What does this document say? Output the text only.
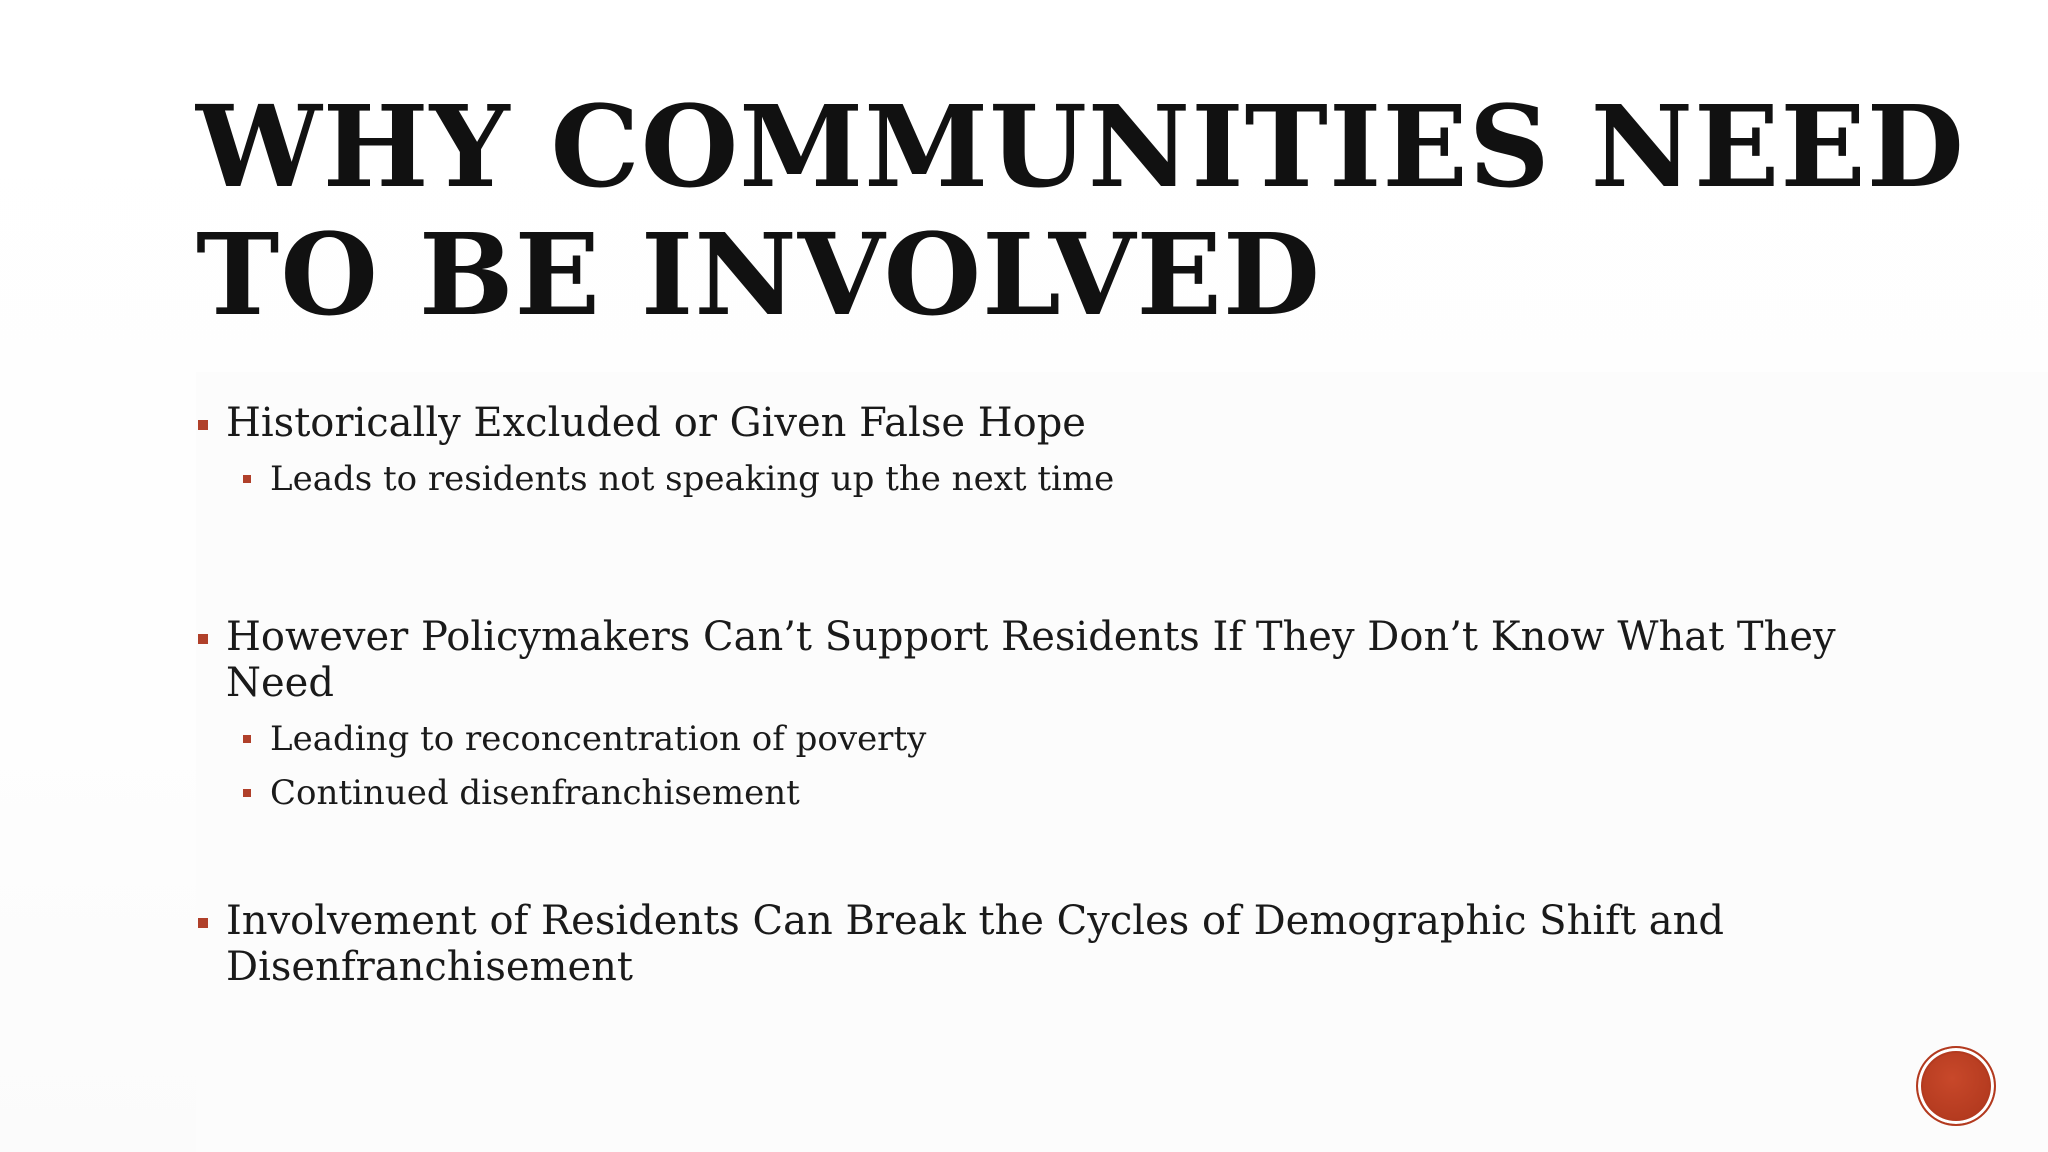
WHY COMMUNITIES NEED
TO BE INVOLVED
Historically Excluded or Given False Hope
Leads to residents not speaking up the next time
However Policymakers Can’t Support Residents If They Don’t Know What They Need
Leading to reconcentration of poverty
Continued disenfranchisement
Involvement of Residents Can Break the Cycles of Demographic Shift and Disenfranchisement
